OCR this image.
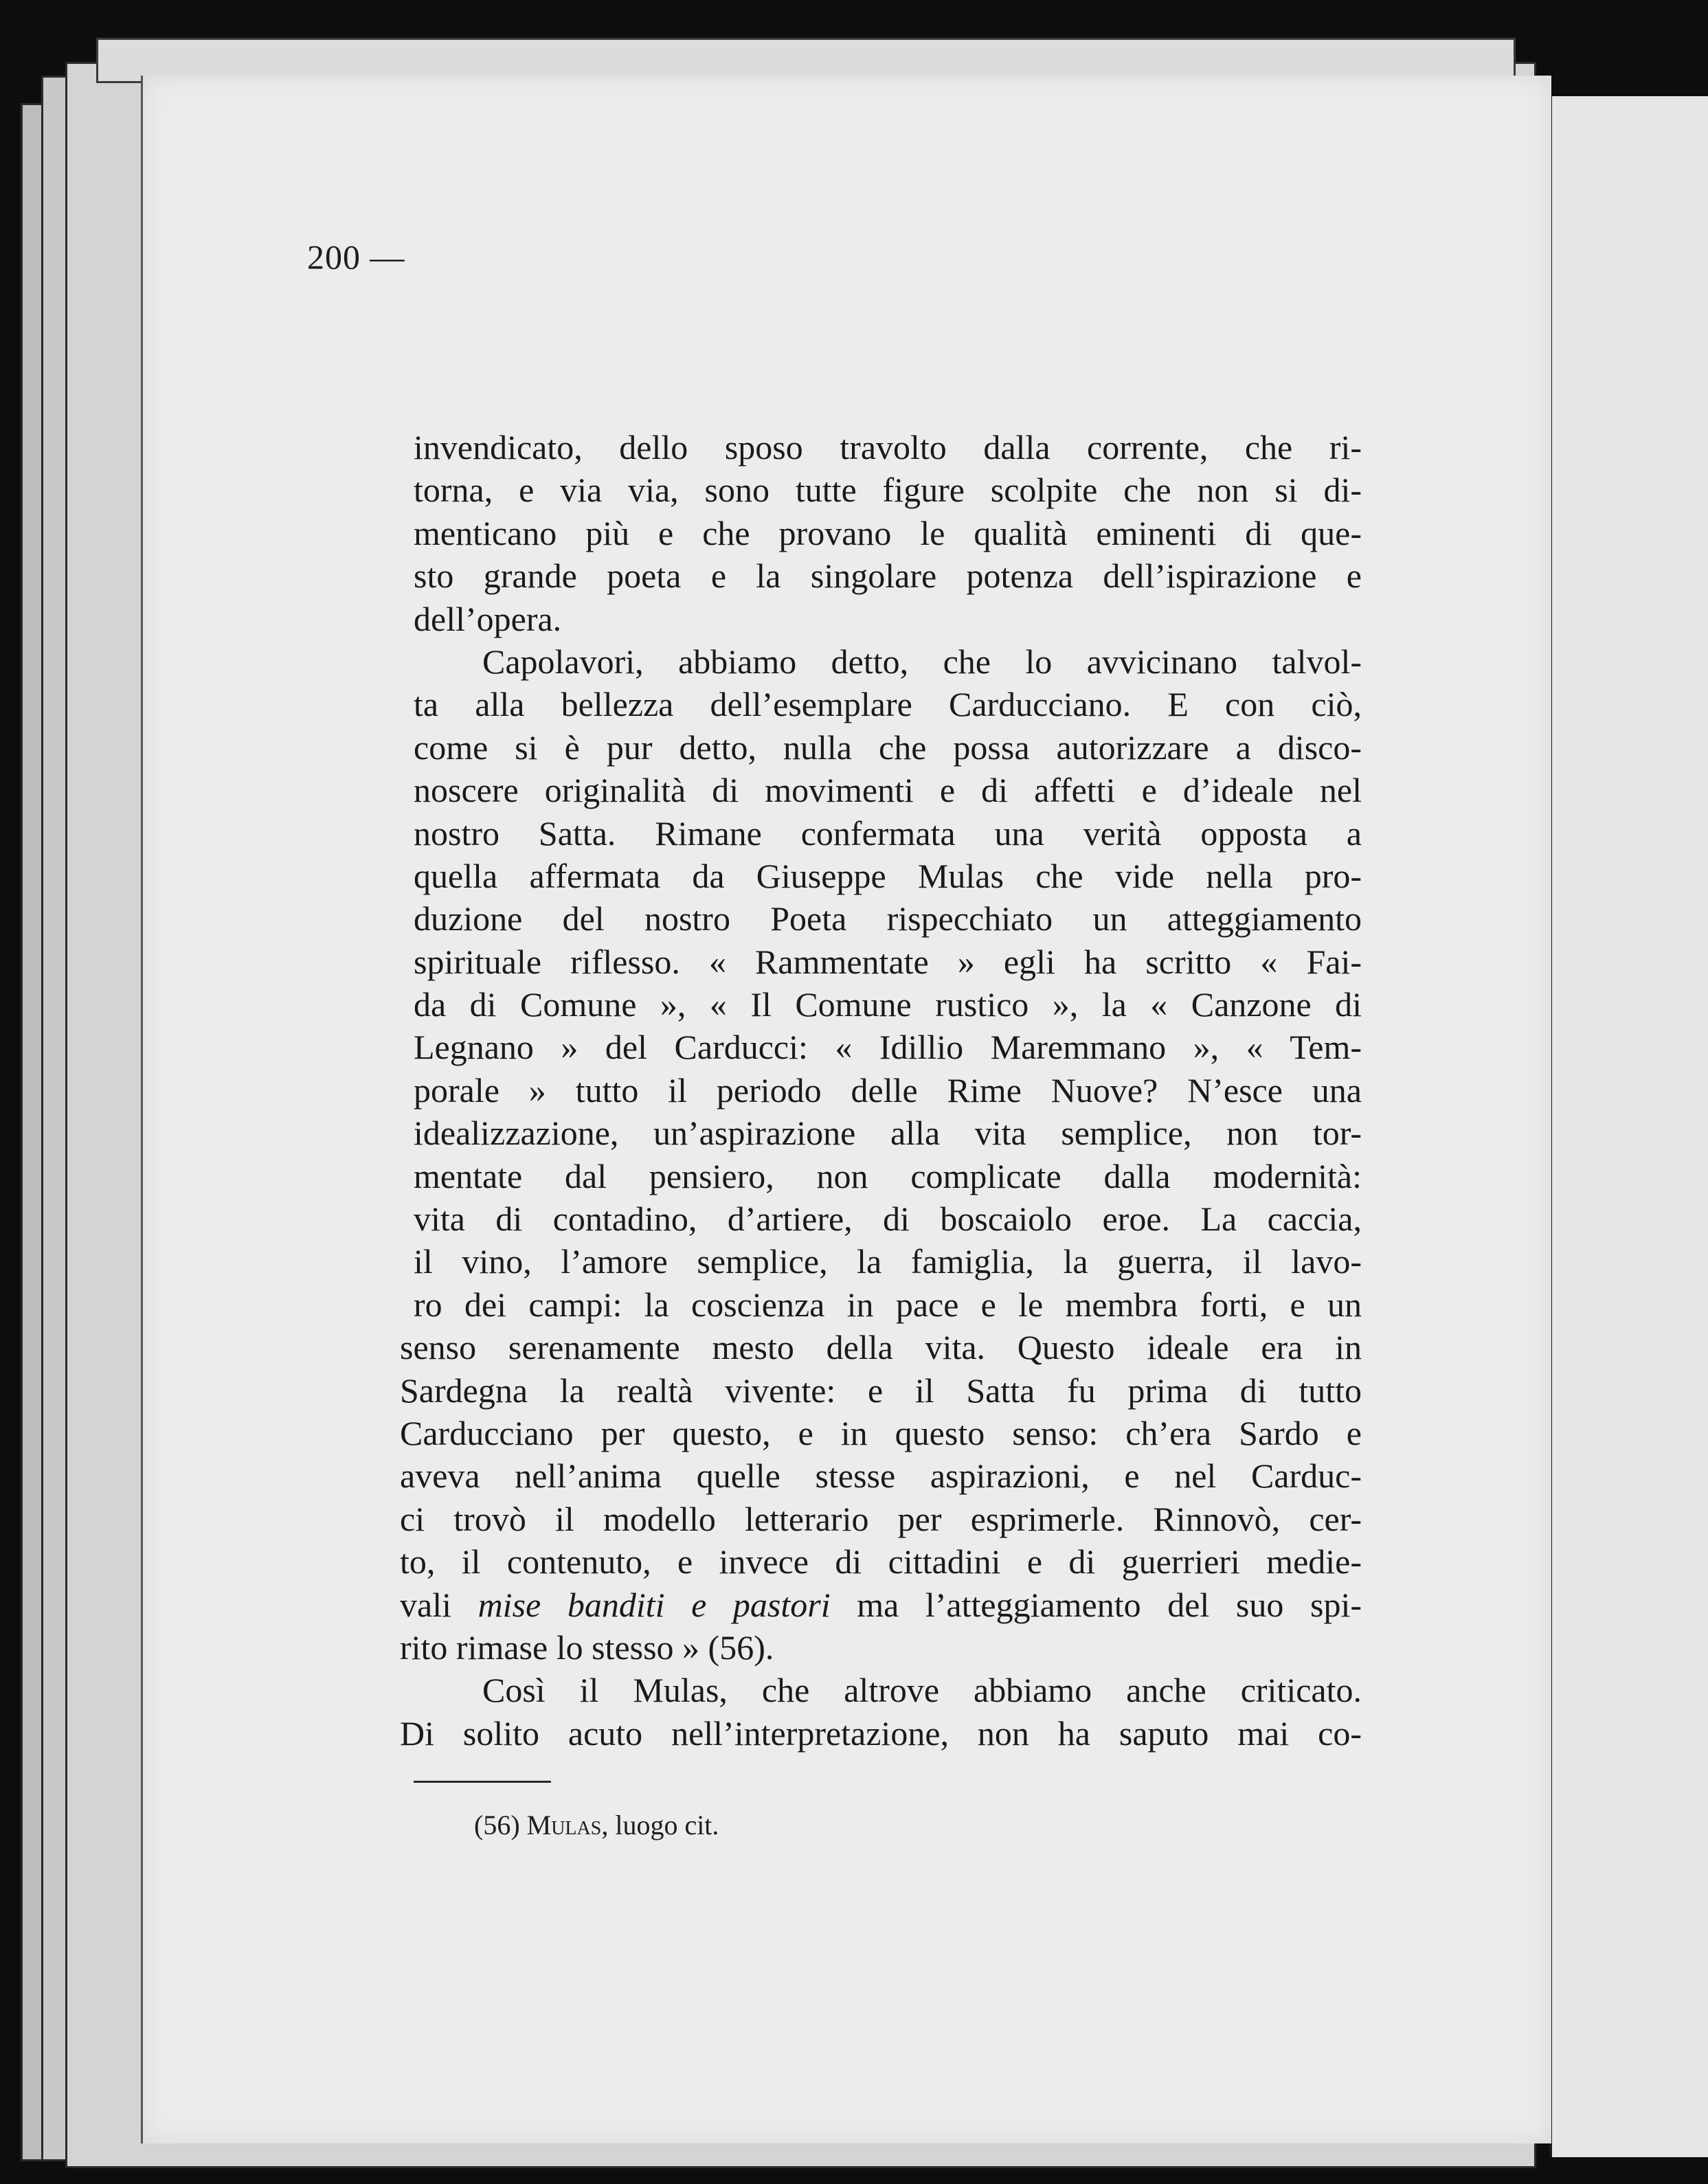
200 —
invendicato, dello sposo travolto dalla corrente, che ri-
torna, e via via, sono tutte figure scolpite che non si di-
menticano più e che provano le qualità eminenti di que-
sto grande poeta e la singolare potenza dell’ispirazione e
dell’opera.
Capolavori, abbiamo detto, che lo avvicinano talvol-
ta alla bellezza dell’esemplare Carducciano. E con ciò,
come si è pur detto, nulla che possa autorizzare a disco-
noscere originalità di movimenti e di affetti e d’ideale nel
nostro Satta. Rimane confermata una verità opposta a
quella affermata da Giuseppe Mulas che vide nella pro-
duzione del nostro Poeta rispecchiato un atteggiamento
spirituale riflesso. « Rammentate » egli ha scritto « Fai-
da di Comune », « Il Comune rustico », la « Canzone di
Legnano » del Carducci: « Idillio Maremmano », « Tem-
porale » tutto il periodo delle Rime Nuove? N’esce una
idealizzazione, un’aspirazione alla vita semplice, non tor-
mentate dal pensiero, non complicate dalla modernità:
vita di contadino, d’artiere, di boscaiolo eroe. La caccia,
il vino, l’amore semplice, la famiglia, la guerra, il lavo-
ro dei campi: la coscienza in pace e le membra forti, e un
senso serenamente mesto della vita. Questo ideale era in
Sardegna la realtà vivente: e il Satta fu prima di tutto
Carducciano per questo, e in questo senso: ch’era Sardo e
aveva nell’anima quelle stesse aspirazioni, e nel Carduc-
ci trovò il modello letterario per esprimerle. Rinnovò, cer-
to, il contenuto, e invece di cittadini e di guerrieri medie-
vali mise banditi e pastori ma l’atteggiamento del suo spi-
rito rimase lo stesso » (56).
Così il Mulas, che altrove abbiamo anche criticato.
Di solito acuto nell’interpretazione, non ha saputo mai co-
(56) Mulas, luogo cit.
